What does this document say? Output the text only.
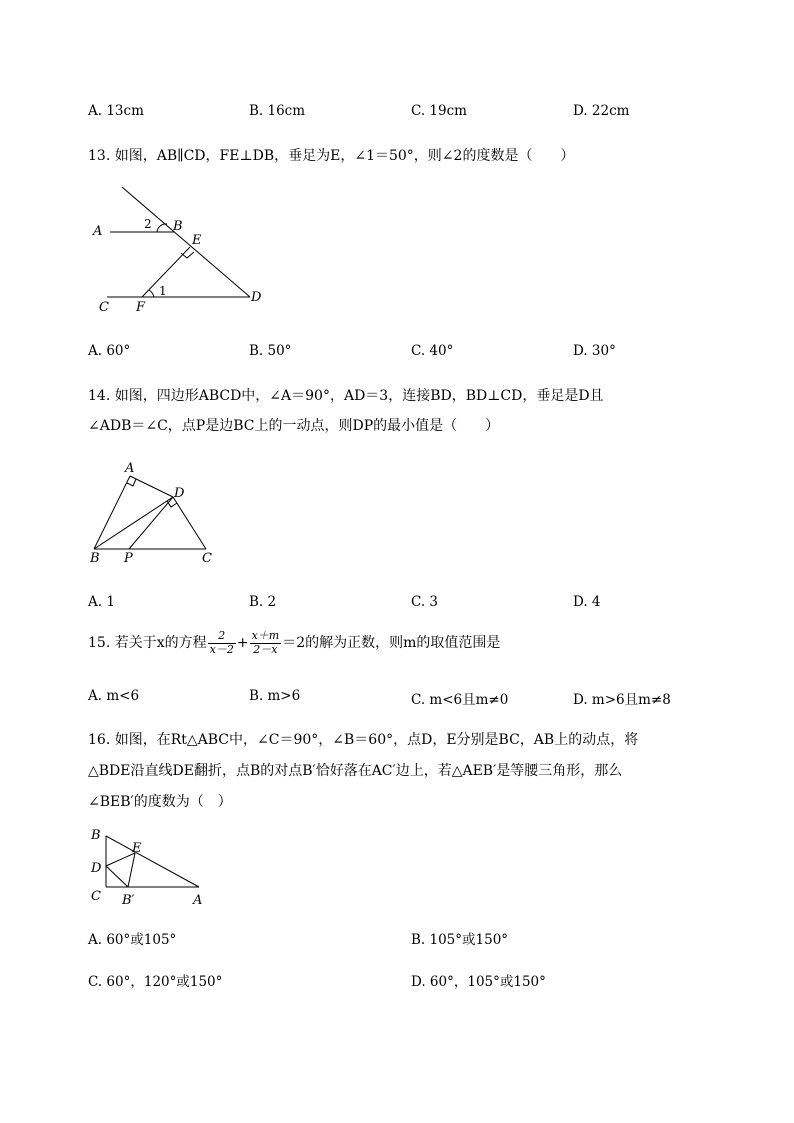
A. 13cm	B. 16cm	C. 19cm	D. 22cm
13. 如图，AB∥CD，FE⊥DB，垂足为E，∠1＝50°，则∠2的度数是（　　）
A	B
E
C F
D
1
2
A. 60°	B. 50°	C. 40°	D. 30°
14. 如图，四边形ABCD中，∠A＝90°，AD＝3，连接BD，BD⊥CD，垂足是D且
∠ADB＝∠C，点P是边BC上的一动点，则DP的最小值是（　　）
A
D
B P	C
A. 1	B. 2	C. 3	D. 4
15. 若关于x的方程 $\frac{2}{x-2} + \frac{x+m}{2-x} =2$的解为正数，则m的取值范围是
A. m<6	B. m>6	C. m<6且m≠0	D. m>6且m≠8
16. 如图，在Rt△ABC中，∠C＝90°，∠B＝60°，点D，E分别是BC，AB上的动点，将
△BDE沿直线DE翻折，点B的对点B′恰好落在AC′边上，若△AEB′是等腰三角形，那么
∠BEB′的度数为（　）
B
D
C
E
B′	A
A. 60°或105°	B. 105°或150°
C. 60°，120°或150°	D. 60°，105°或150°
